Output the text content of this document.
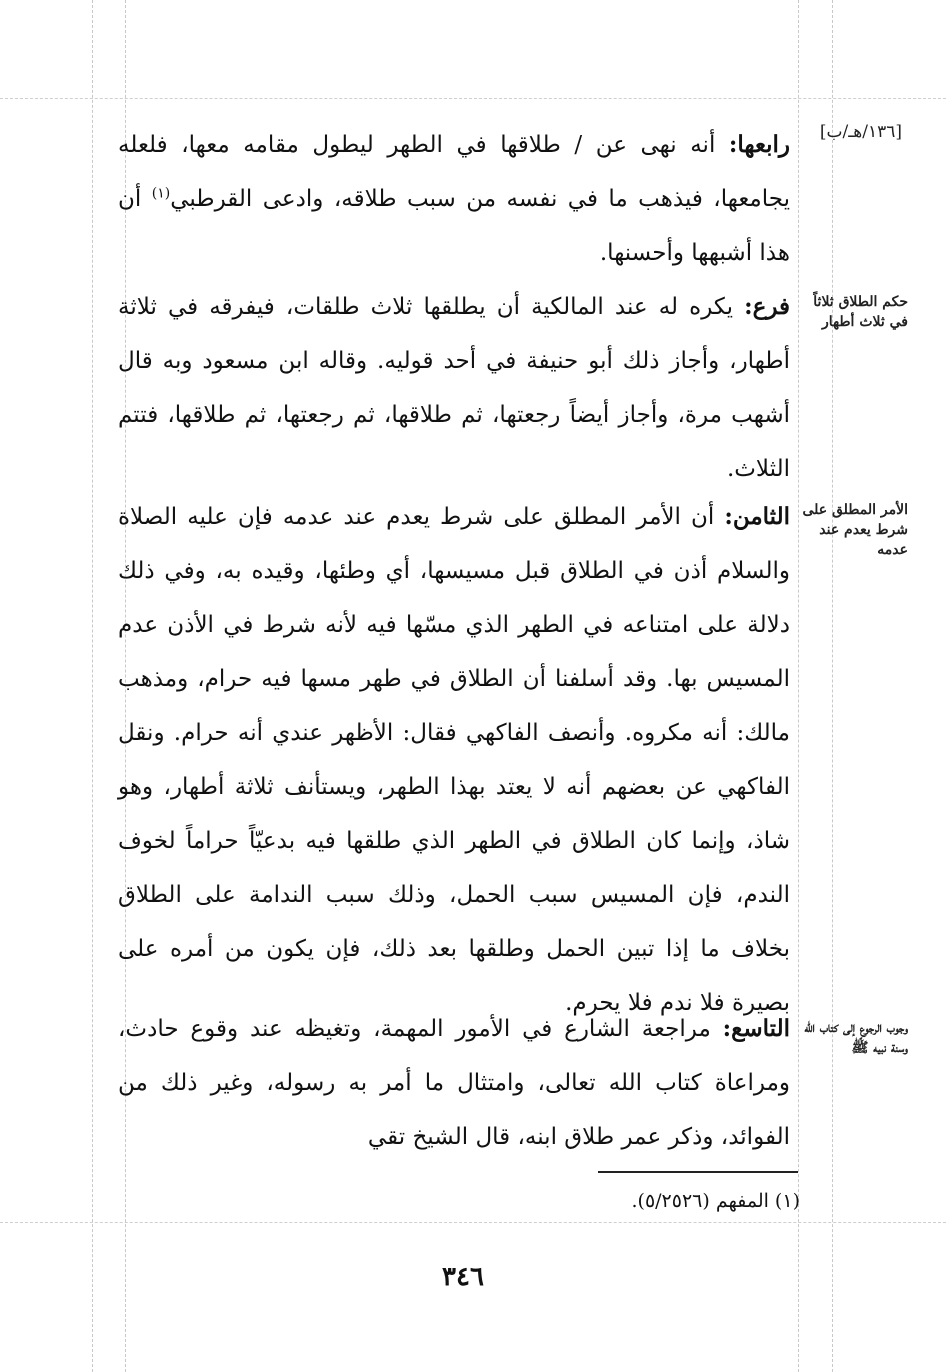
[١٣٦/هـ/ب]
حكم الطلاق ثلاثاً في ثلاث أطهار
الأمر المطلق على شرط يعدم عند عدمه
وجوب الرجوع إلى كتاب الله وسنة نبيه ﷺ
رابعها: أنه نهى عن / طلاقها في الطهر ليطول مقامه معها، فلعله يجامعها، فيذهب ما في نفسه من سبب طلاقه، وادعى القرطبي$^{(١)}$ أن هذا أشبهها وأحسنها.
فرع: يكره له عند المالكية أن يطلقها ثلاث طلقات، فيفرقه في ثلاثة أطهار، وأجاز ذلك أبو حنيفة في أحد قوليه. وقاله ابن مسعود وبه قال أشهب مرة، وأجاز أيضاً رجعتها، ثم طلاقها، ثم رجعتها، ثم طلاقها، فتتم الثلاث.
الثامن: أن الأمر المطلق على شرط يعدم عند عدمه فإن عليه الصلاة والسلام أذن في الطلاق قبل مسيسها، أي وطئها، وقيده به، وفي ذلك دلالة على امتناعه في الطهر الذي مسّها فيه لأنه شرط في الأذن عدم المسيس بها. وقد أسلفنا أن الطلاق في طهر مسها فيه حرام، ومذهب مالك: أنه مكروه. وأنصف الفاكهي فقال: الأظهر عندي أنه حرام. ونقل الفاكهي عن بعضهم أنه لا يعتد بهذا الطهر، ويستأنف ثلاثة أطهار، وهو شاذ، وإنما كان الطلاق في الطهر الذي طلقها فيه بدعيّاً حراماً لخوف الندم، فإن المسيس سبب الحمل، وذلك سبب الندامة على الطلاق بخلاف ما إذا تبين الحمل وطلقها بعد ذلك، فإن يكون من أمره على بصيرة فلا ندم فلا يحرم.
التاسع: مراجعة الشارع في الأمور المهمة، وتغيظه عند وقوع حادث، ومراعاة كتاب الله تعالى، وامتثال ما أمر به رسوله، وغير ذلك من الفوائد، وذكر عمر طلاق ابنه، قال الشيخ تقي
(١) المفهم (٥/٢٥٢٦).
٣٤٦
